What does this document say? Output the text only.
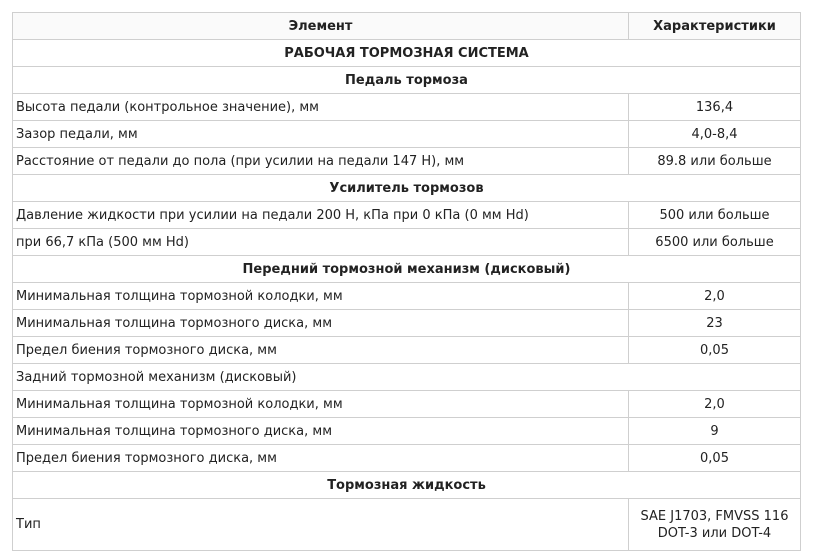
Элемент	Характеристики
РАБОЧАЯ ТОРМОЗНАЯ СИСТЕМА	
Педаль тормоза	
Высота педали (контрольное значение), мм	136,4
Зазор педали, мм	4,0-8,4
Расстояние от педали до пола (при усилии на педали 147 Н), мм	89.8 или больше
Усилитель тормозов	
Давление жидкости при усилии на педали 200 Н, кПа при 0 кПа (0 мм Hd)	500 или больше
при 66,7 кПа (500 мм Hd)	6500 или больше
Передний тормозной механизм (дисковый)	
Минимальная толщина тормозной колодки, мм	2,0
Минимальная толщина тормозного диска, мм	23
Предел биения тормозного диска, мм	0,05
Задний тормозной механизм (дисковый)	
Минимальная толщина тормозной колодки, мм	2,0
Минимальная толщина тормозного диска, мм	9
Предел биения тормозного диска, мм	0,05
Тормозная жидкость	
Тип	SAE J1703, FMVSS 116
DOT-3 или DOT-4
